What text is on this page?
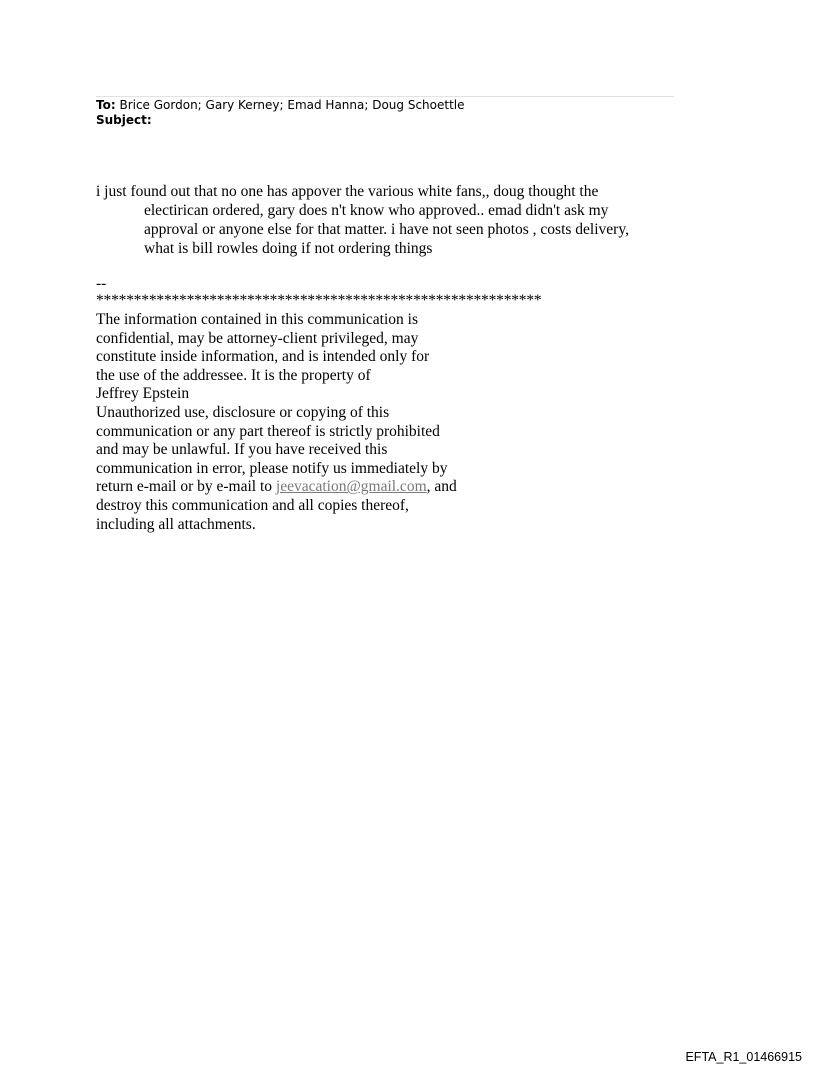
To: Brice Gordon; Gary Kerney; Emad Hanna; Doug Schoettle
Subject:
i just found out that no one has appover the various white fans,, doug thought the
electirican ordered, gary does n't know who approved.. emad didn't ask my
approval or anyone else for that matter. i have not seen photos , costs delivery,
what is bill rowles doing if not ordering things
--
***********************************************************
The information contained in this communication is
confidential, may be attorney-client privileged, may
constitute inside information, and is intended only for
the use of the addressee. It is the property of
Jeffrey Epstein
Unauthorized use, disclosure or copying of this
communication or any part thereof is strictly prohibited
and may be unlawful. If you have received this
communication in error, please notify us immediately by
return e-mail or by e-mail to jeevacation@gmail.com, and
destroy this communication and all copies thereof,
including all attachments.
EFTA_R1_01466915
